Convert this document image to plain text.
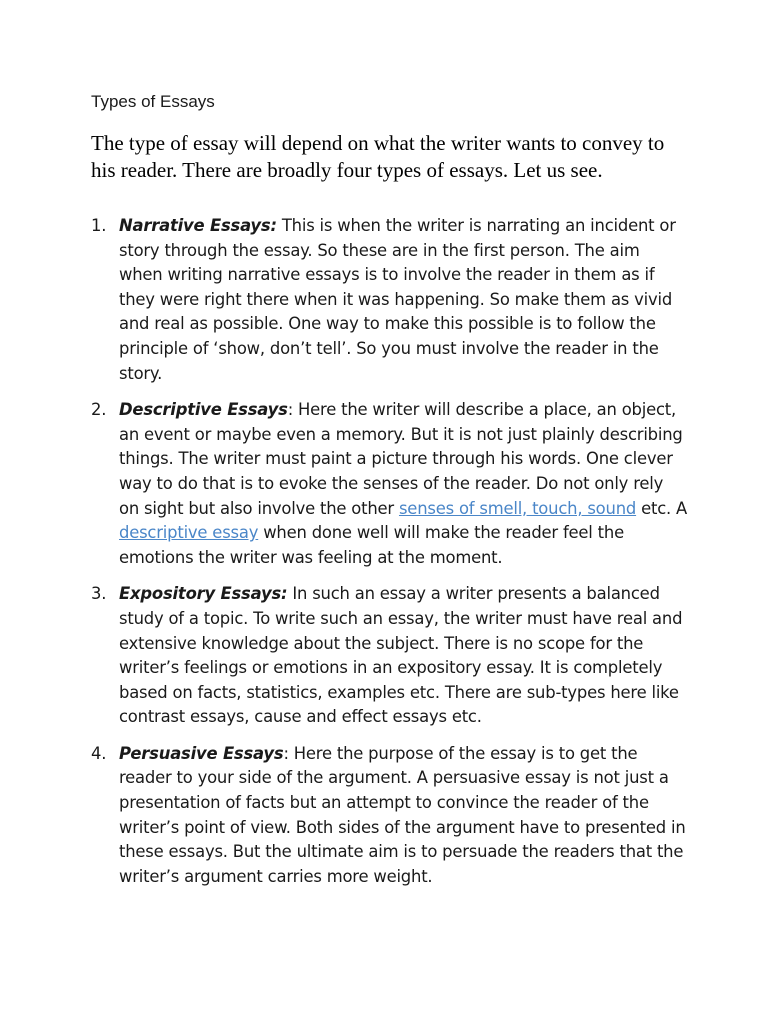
Types of Essays

The type of essay will depend on what the writer wants to convey to his reader. There are broadly four types of essays. Let us see.

1. Narrative Essays: This is when the writer is narrating an incident or story through the essay. So these are in the first person. The aim when writing narrative essays is to involve the reader in them as if they were right there when it was happening. So make them as vivid and real as possible. One way to make this possible is to follow the principle of ‘show, don’t tell’. So you must involve the reader in the story.
2. Descriptive Essays: Here the writer will describe a place, an object, an event or maybe even a memory. But it is not just plainly describing things. The writer must paint a picture through his words. One clever way to do that is to evoke the senses of the reader. Do not only rely on sight but also involve the other senses of smell, touch, sound etc. A descriptive essay when done well will make the reader feel the emotions the writer was feeling at the moment.
3. Expository Essays: In such an essay a writer presents a balanced study of a topic. To write such an essay, the writer must have real and extensive knowledge about the subject. There is no scope for the writer’s feelings or emotions in an expository essay. It is completely based on facts, statistics, examples etc. There are sub-types here like contrast essays, cause and effect essays etc.
4. Persuasive Essays: Here the purpose of the essay is to get the reader to your side of the argument. A persuasive essay is not just a presentation of facts but an attempt to convince the reader of the writer’s point of view. Both sides of the argument have to presented in these essays. But the ultimate aim is to persuade the readers that the writer’s argument carries more weight.
